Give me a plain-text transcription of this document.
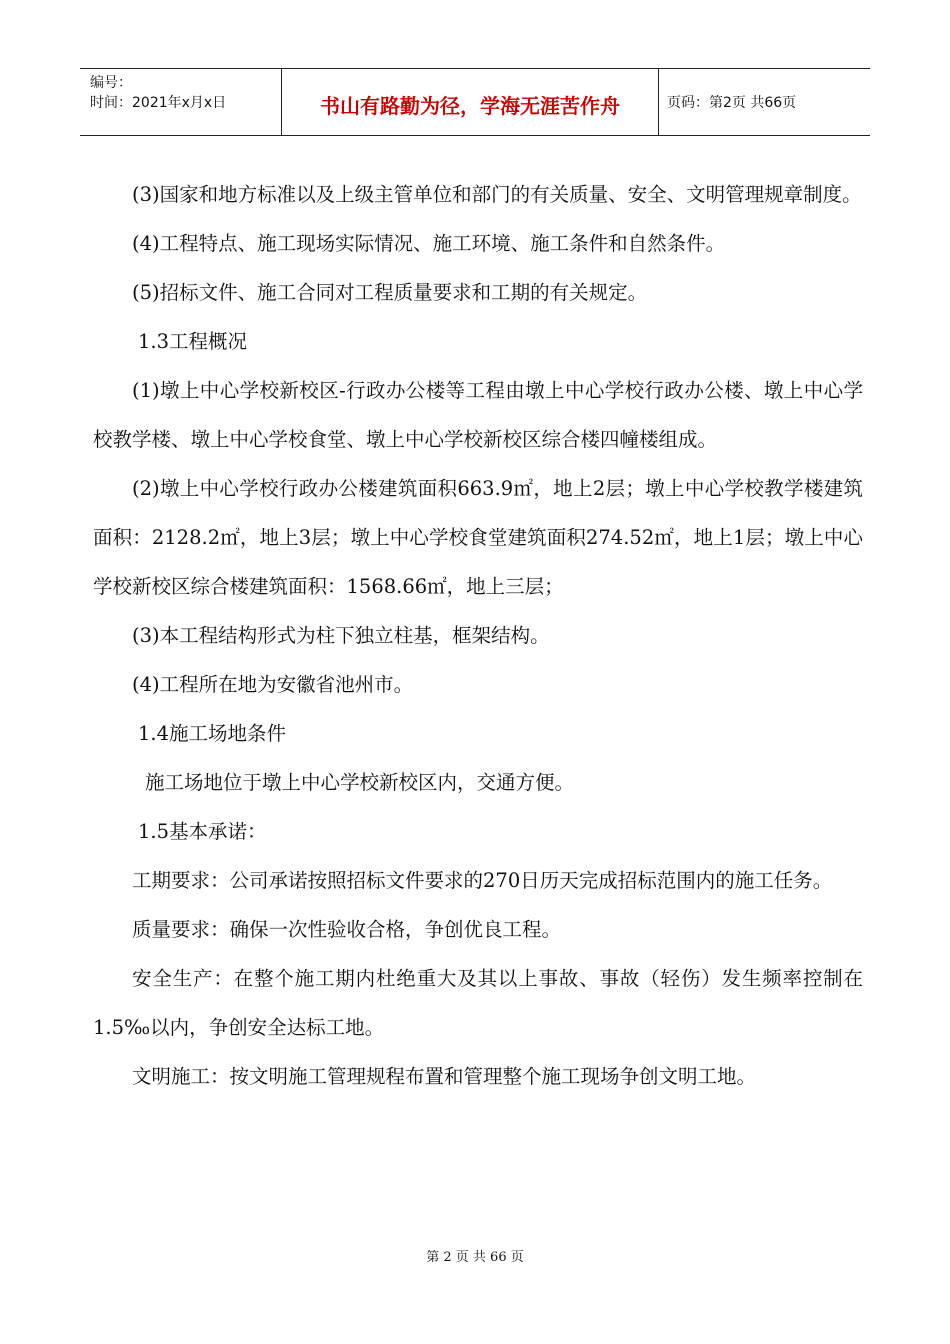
编号：
时间：2021年x月x日	书山有路勤为径，学海无涯苦作舟	页码：第2页 共66页

(3)国家和地方标准以及上级主管单位和部门的有关质量、安全、文明管理规章制度。

(4)工程特点、施工现场实际情况、施工环境、施工条件和自然条件。

(5)招标文件、施工合同对工程质量要求和工期的有关规定。

1.3工程概况

(1)墩上中心学校新校区-行政办公楼等工程由墩上中心学校行政办公楼、墩上中心学校教学楼、墩上中心学校食堂、墩上中心学校新校区综合楼四幢楼组成。

(2)墩上中心学校行政办公楼建筑面积663.9㎡，地上2层；墩上中心学校教学楼建筑面积：2128.2㎡，地上3层；墩上中心学校食堂建筑面积274.52㎡，地上1层；墩上中心学校新校区综合楼建筑面积：1568.66㎡，地上三层；

(3)本工程结构形式为柱下独立柱基，框架结构。

(4)工程所在地为安徽省池州市。

1.4施工场地条件

施工场地位于墩上中心学校新校区内，交通方便。

1.5基本承诺：

工期要求：公司承诺按照招标文件要求的270日历天完成招标范围内的施工任务。

质量要求：确保一次性验收合格，争创优良工程。

安全生产：在整个施工期内杜绝重大及其以上事故、事故（轻伤）发生频率控制在1.5‰以内，争创安全达标工地。

文明施工：按文明施工管理规程布置和管理整个施工现场争创文明工地。

第 2 页 共 66 页
